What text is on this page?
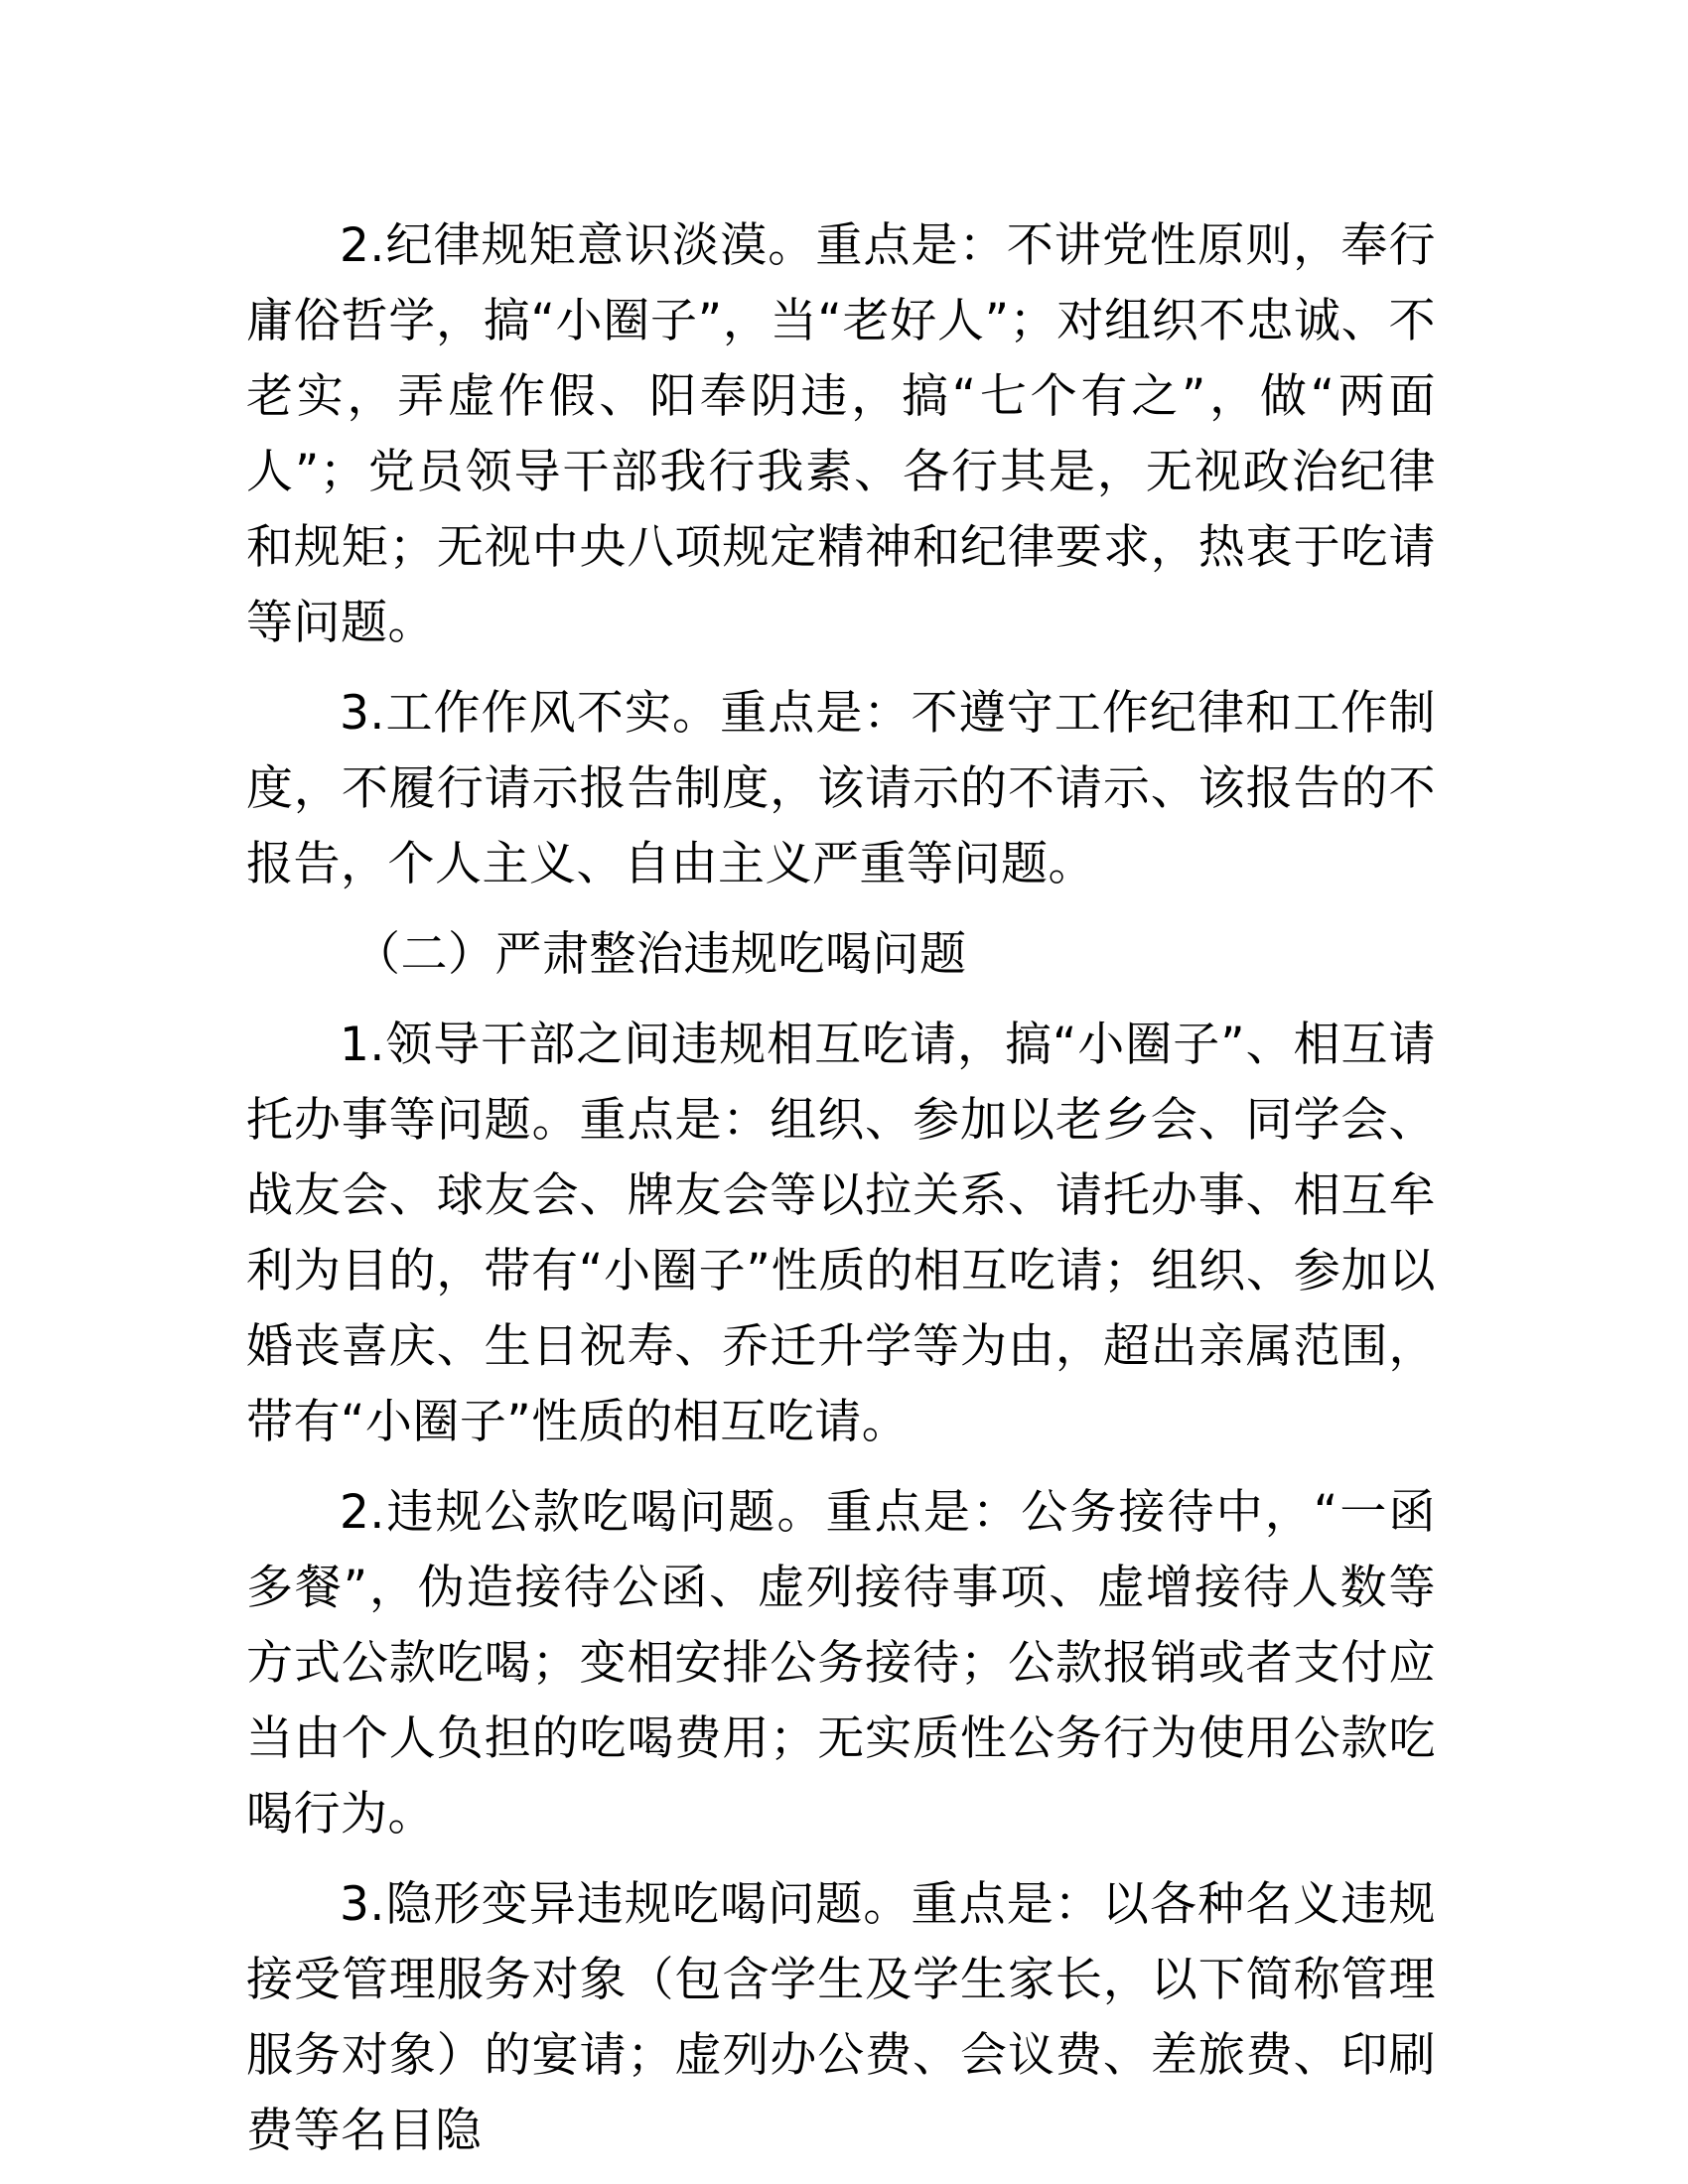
2.纪律规矩意识淡漠。重点是：不讲党性原则，奉行庸俗哲学，搞“小圈子”，当“老好人”；对组织不忠诚、不老实，弄虚作假、阳奉阴违，搞“七个有之”，做“两面人”；党员领导干部我行我素、各行其是，无视政治纪律和规矩；无视中央八项规定精神和纪律要求，热衷于吃请等问题。

3.工作作风不实。重点是：不遵守工作纪律和工作制度，不履行请示报告制度，该请示的不请示、该报告的不报告，个人主义、自由主义严重等问题。

（二）严肃整治违规吃喝问题

1.领导干部之间违规相互吃请，搞“小圈子”、相互请托办事等问题。重点是：组织、参加以老乡会、同学会、战友会、球友会、牌友会等以拉关系、请托办事、相互牟利为目的，带有“小圈子”性质的相互吃请；组织、参加以婚丧喜庆、生日祝寿、乔迁升学等为由，超出亲属范围，带有“小圈子”性质的相互吃请。

2.违规公款吃喝问题。重点是：公务接待中，“一函多餐”，伪造接待公函、虚列接待事项、虚增接待人数等方式公款吃喝；变相安排公务接待；公款报销或者支付应当由个人负担的吃喝费用；无实质性公务行为使用公款吃喝行为。

3.隐形变异违规吃喝问题。重点是：以各种名义违规接受管理服务对象（包含学生及学生家长，以下简称管理服务对象）的宴请；虚列办公费、会议费、差旅费、印刷费等名目隐
